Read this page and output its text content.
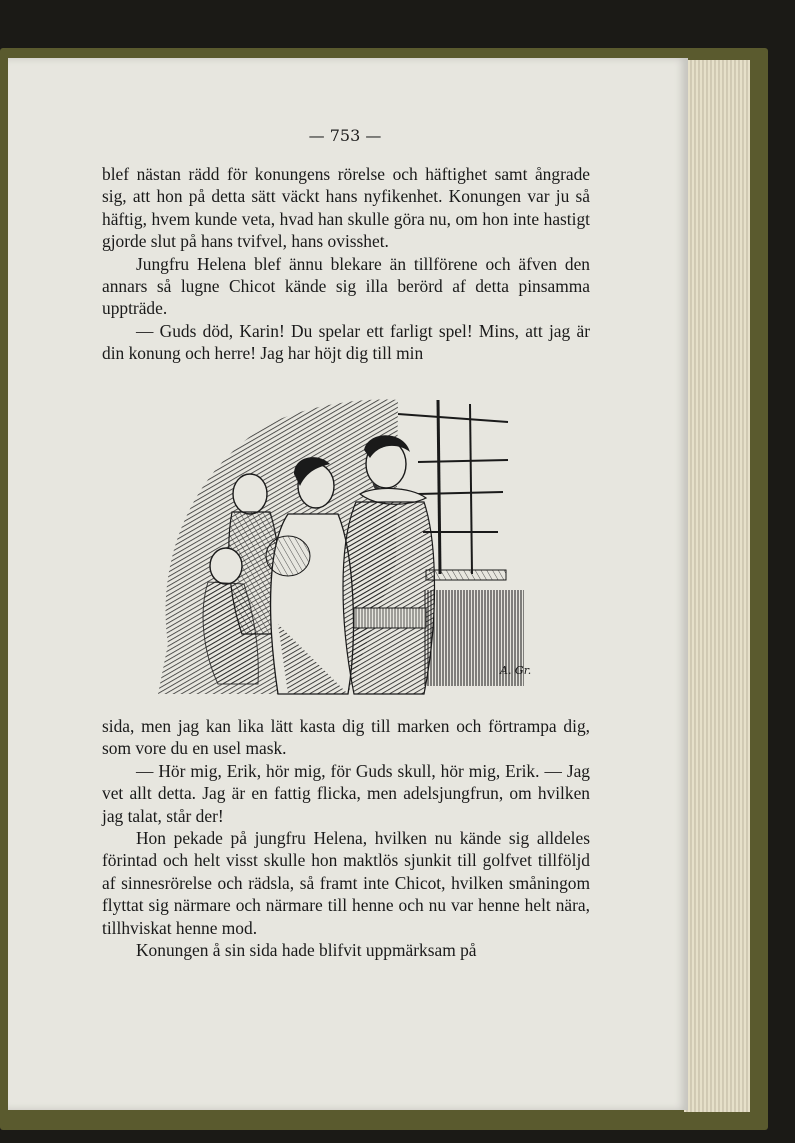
— 753 —

blef nästan rädd för konungens rörelse och häftighet samt ångrade sig, att hon på detta sätt väckt hans nyfikenhet. Konungen var ju så häftig, hvem kunde veta, hvad han skulle göra nu, om hon inte hastigt gjorde slut på hans tvifvel, hans ovisshet.

Jungfru Helena blef ännu blekare än tillförene och äfven den annars så lugne Chicot kände sig illa berörd af detta pinsamma uppträde.

— Guds död, Karin! Du spelar ett farligt spel! Mins, att jag är din konung och herre! Jag har höjt dig till min

A. Gr.

sida, men jag kan lika lätt kasta dig till marken och förtrampa dig, som vore du en usel mask.

— Hör mig, Erik, hör mig, för Guds skull, hör mig, Erik. — Jag vet allt detta. Jag är en fattig flicka, men adelsjungfrun, om hvilken jag talat, står der!

Hon pekade på jungfru Helena, hvilken nu kände sig alldeles förintad och helt visst skulle hon maktlös sjunkit till golfvet tillföljd af sinnesrörelse och rädsla, så framt inte Chicot, hvilken småningom flyttat sig närmare och närmare till henne och nu var henne helt nära, tillhviskat henne mod.

Konungen å sin sida hade blifvit uppmärksam på
